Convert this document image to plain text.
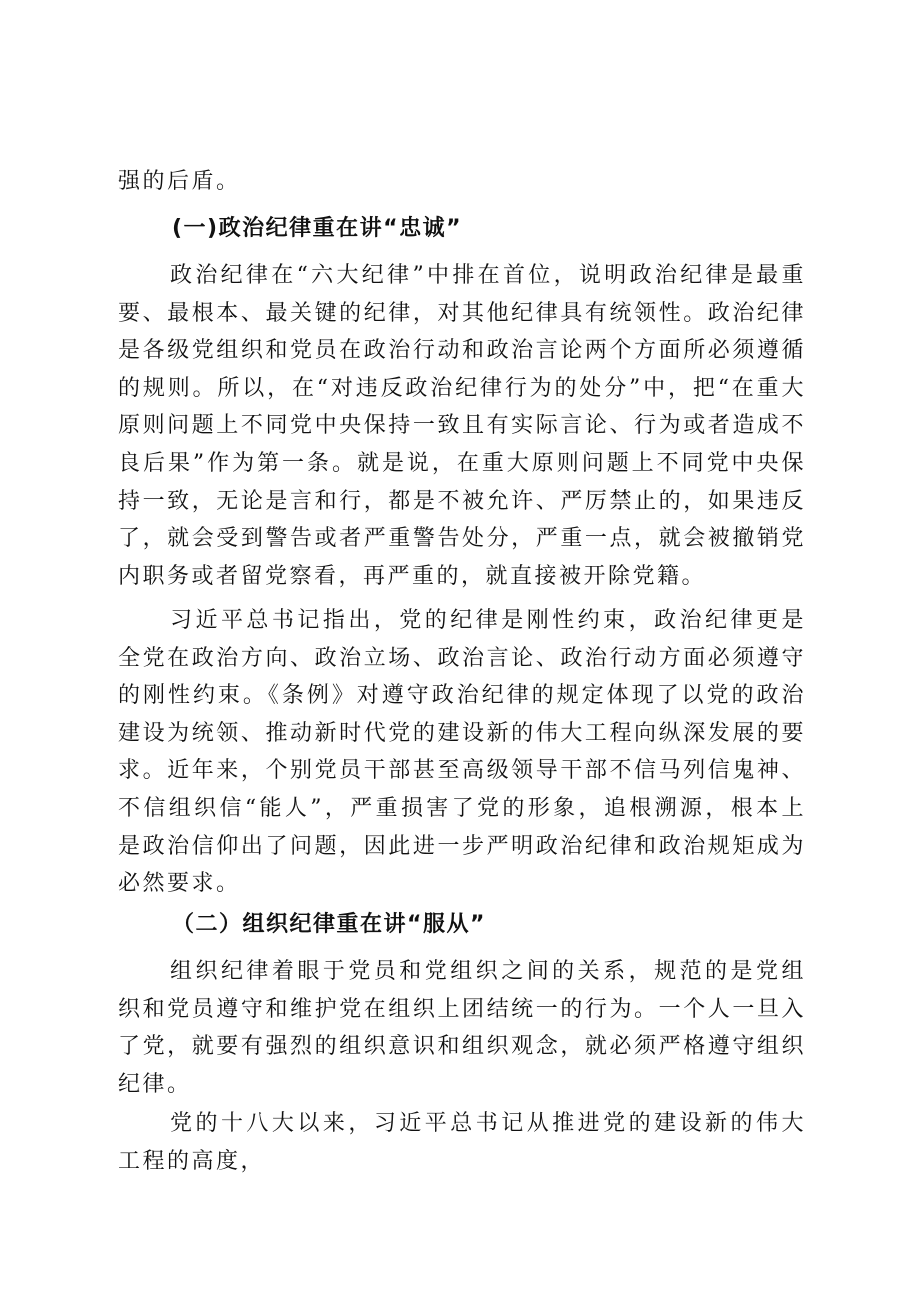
强的后盾。

(一)政治纪律重在讲“忠诚”

政治纪律在“六大纪律”中排在首位，说明政治纪律是最重要、最根本、最关键的纪律，对其他纪律具有统领性。政治纪律是各级党组织和党员在政治行动和政治言论两个方面所必须遵循的规则。所以，在“对违反政治纪律行为的处分”中，把“在重大原则问题上不同党中央保持一致且有实际言论、行为或者造成不良后果”作为第一条。就是说，在重大原则问题上不同党中央保持一致，无论是言和行，都是不被允许、严厉禁止的，如果违反了，就会受到警告或者严重警告处分，严重一点，就会被撤销党内职务或者留党察看，再严重的，就直接被开除党籍。

习近平总书记指出，党的纪律是刚性约束，政治纪律更是全党在政治方向、政治立场、政治言论、政治行动方面必须遵守的刚性约束。《条例》对遵守政治纪律的规定体现了以党的政治建设为统领、推动新时代党的建设新的伟大工程向纵深发展的要求。近年来，个别党员干部甚至高级领导干部不信马列信鬼神、不信组织信“能人”，严重损害了党的形象，追根溯源，根本上是政治信仰出了问题，因此进一步严明政治纪律和政治规矩成为必然要求。

（二）组织纪律重在讲“服从”

组织纪律着眼于党员和党组织之间的关系，规范的是党组织和党员遵守和维护党在组织上团结统一的行为。一个人一旦入了党，就要有强烈的组织意识和组织观念，就必须严格遵守组织纪律。

党的十八大以来，习近平总书记从推进党的建设新的伟大工程的高度，
